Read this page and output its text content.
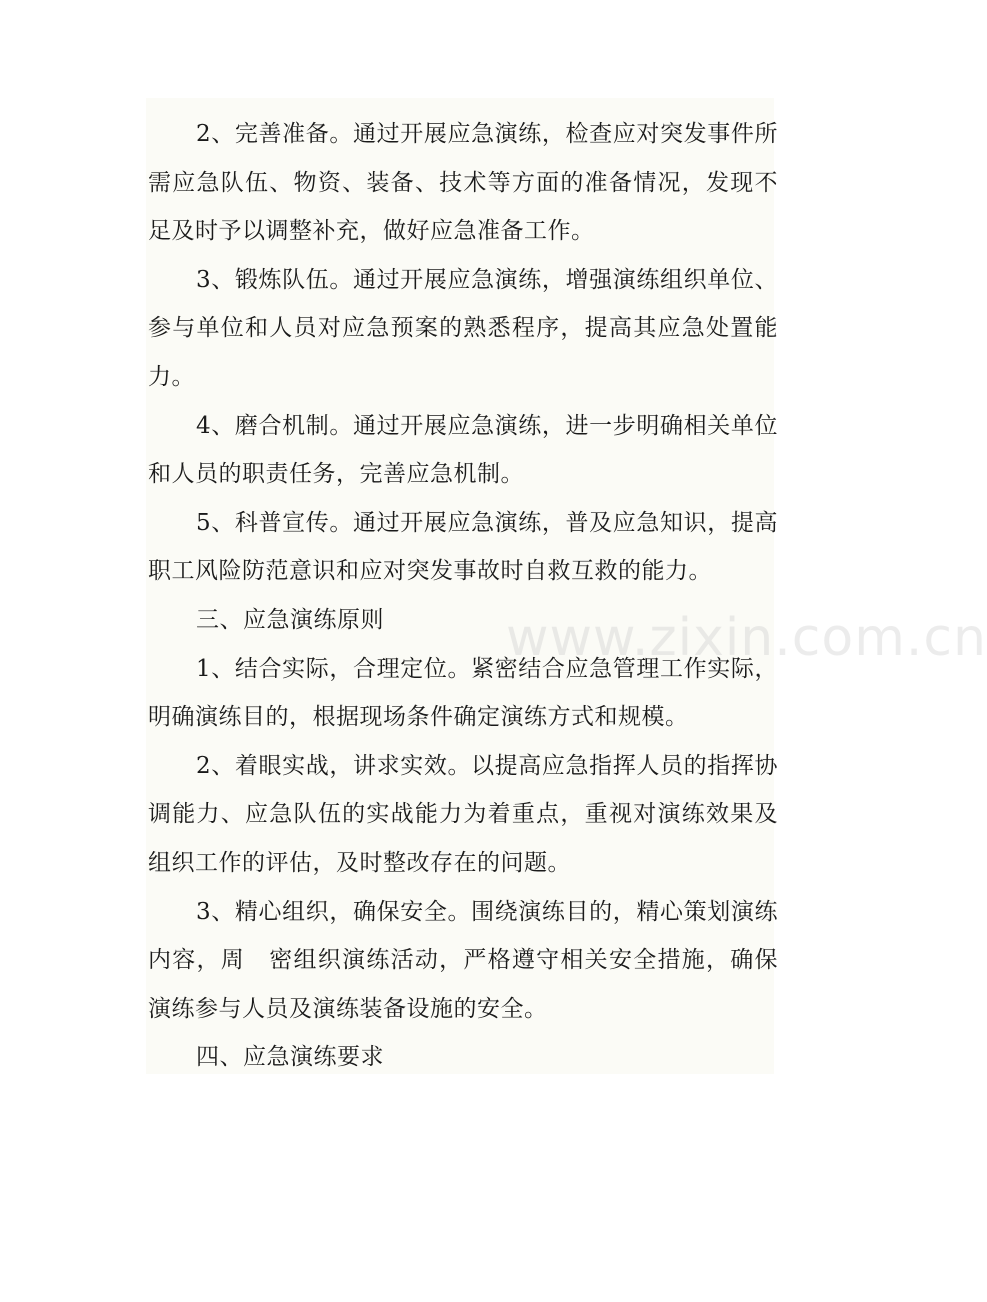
2、完善准备。通过开展应急演练，检查应对突发事件所需应急队伍、物资、装备、技术等方面的准备情况，发现不足及时予以调整补充，做好应急准备工作。

3、锻炼队伍。通过开展应急演练，增强演练组织单位、参与单位和人员对应急预案的熟悉程序，提高其应急处置能力。

4、磨合机制。通过开展应急演练，进一步明确相关单位和人员的职责任务，完善应急机制。

5、科普宣传。通过开展应急演练，普及应急知识，提高职工风险防范意识和应对突发事故时自救互救的能力。

三、应急演练原则

1、结合实际，合理定位。紧密结合应急管理工作实际，明确演练目的，根据现场条件确定演练方式和规模。

2、着眼实战，讲求实效。以提高应急指挥人员的指挥协调能力、应急队伍的实战能力为着重点，重视对演练效果及组织工作的评估，及时整改存在的问题。

3、精心组织，确保安全。围绕演练目的，精心策划演练内容，周　密组织演练活动，严格遵守相关安全措施，确保演练参与人员及演练装备设施的安全。

四、应急演练要求

www.zixin.com.cn
